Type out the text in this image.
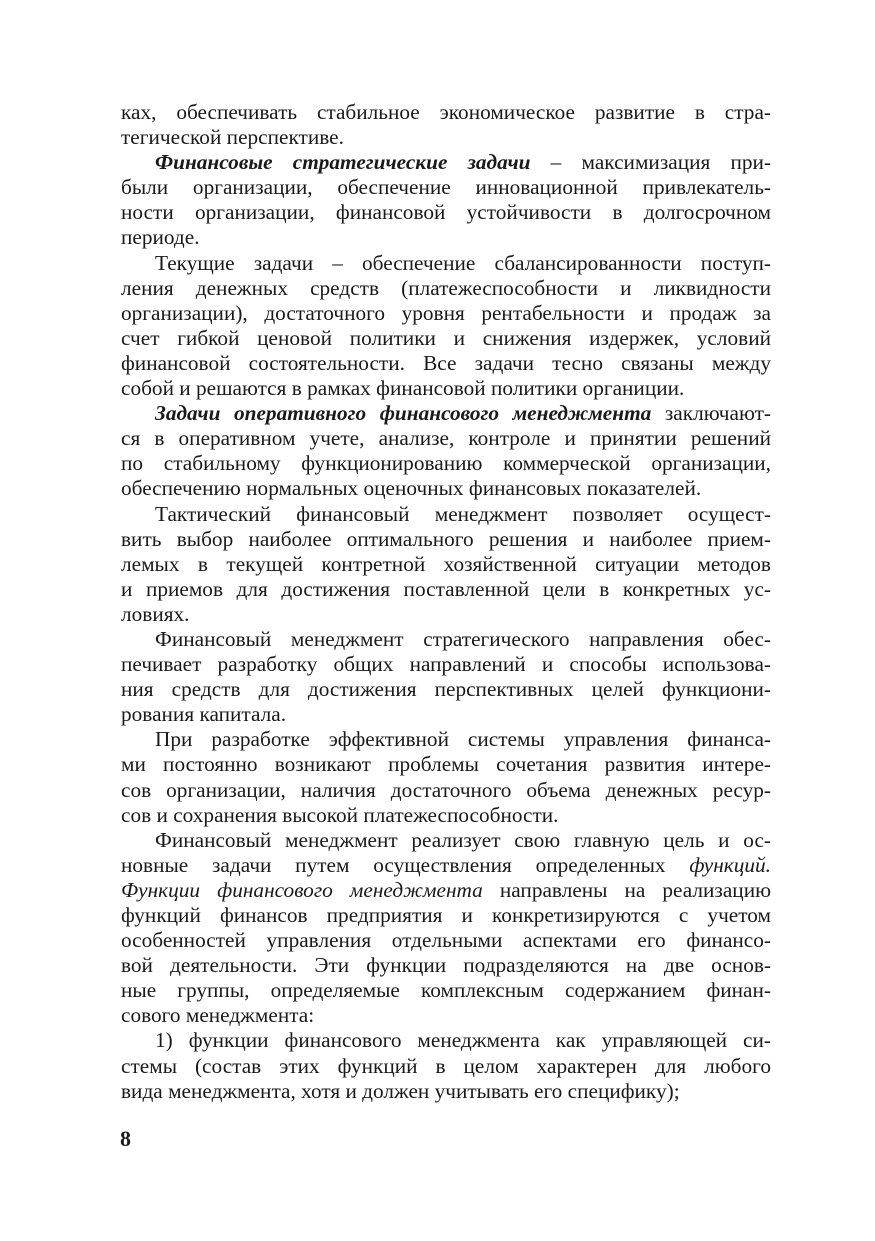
ках, обеспечивать стабильное экономическое развитие в стра-
тегической перспективе.
Финансовые стратегические задачи – максимизация при-
были организации, обеспечение инновационной привлекатель-
ности организации, финансовой устойчивости в долгосрочном
периоде.
Текущие задачи – обеспечение сбалансированности поступ-
ления денежных средств (платежеспособности и ликвидности
организации), достаточного уровня рентабельности и продаж за
счет гибкой ценовой политики и снижения издержек, условий
финансовой состоятельности. Все задачи тесно связаны между
собой и решаются в рамках финансовой политики органиции.
Задачи оперативного финансового менеджмента заключают-
ся в оперативном учете, анализе, контроле и принятии решений
по стабильному функционированию коммерческой организации,
обеспечению нормальных оценочных финансовых показателей.
Тактический финансовый менеджмент позволяет осущест-
вить выбор наиболее оптимального решения и наиболее прием-
лемых в текущей контретной хозяйственной ситуации методов
и приемов для достижения поставленной цели в конкретных ус-
ловиях.
Финансовый менеджмент стратегического направления обес-
печивает разработку общих направлений и способы использова-
ния средств для достижения перспективных целей функциони-
рования капитала.
При разработке эффективной системы управления финанса-
ми постоянно возникают проблемы сочетания развития интере-
сов организации, наличия достаточного объема денежных ресур-
сов и сохранения высокой платежеспособности.
Финансовый менеджмент реализует свою главную цель и ос-
новные задачи путем осуществления определенных функций.
Функции финансового менеджмента направлены на реализацию
функций финансов предприятия и конкретизируются с учетом
особенностей управления отдельными аспектами его финансо-
вой деятельности. Эти функции подразделяются на две основ-
ные группы, определяемые комплексным содержанием финан-
сового менеджмента:
1) функции финансового менеджмента как управляющей си-
стемы (состав этих функций в целом характерен для любого
вида менеджмента, хотя и должен учитывать его специфику);
8
